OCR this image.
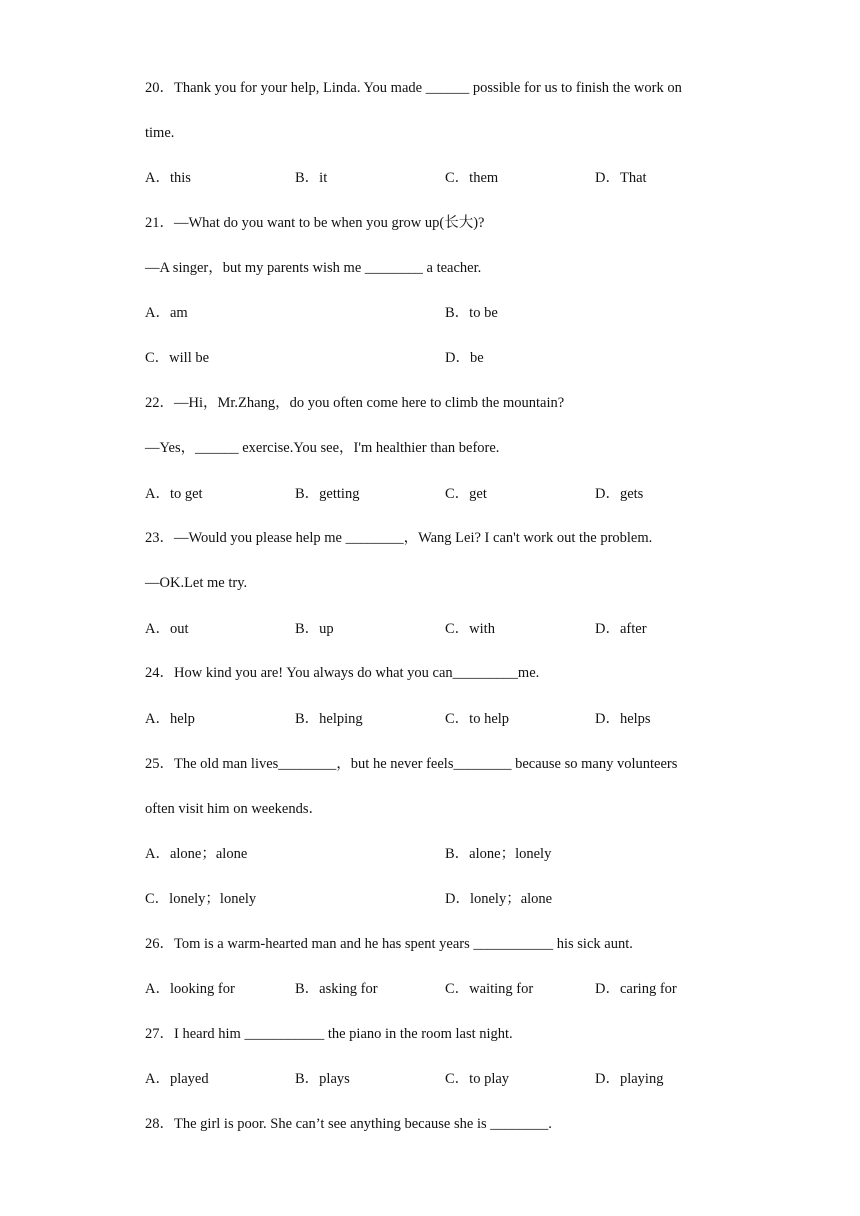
20．Thank you for your help, Linda. You made ______ possible for us to finish the work on
time.
A．this	B．it	C．them	D．That
21．—What do you want to be when you grow up(长大)?
—A singer，but my parents wish me ________ a teacher.
A．am	B．to be
C．will be	D．be
22．—Hi，Mr.Zhang，do you often come here to climb the mountain?
—Yes，______ exercise.You see，I'm healthier than before.
A．to get	B．getting	C．get	D．gets
23．—Would you please help me ________，Wang Lei? I can't work out the problem.
—OK.Let me try.
A．out	B．up	C．with	D．after
24．How kind you are! You always do what you can_________me.
A．help	B．helping	C．to help	D．helps
25．The old man lives________，but he never feels________ because so many volunteers
often visit him on weekends．
A．alone；alone	B．alone；lonely
C．lonely；lonely	D．lonely；alone
26．Tom is a warm-hearted man and he has spent years ___________ his sick aunt.
A．looking for	B．asking for	C．waiting for	D．caring for
27．I heard him ___________ the piano in the room last night.
A．played	B．plays	C．to play	D．playing
28．The girl is poor. She can’t see anything because she is ________.
